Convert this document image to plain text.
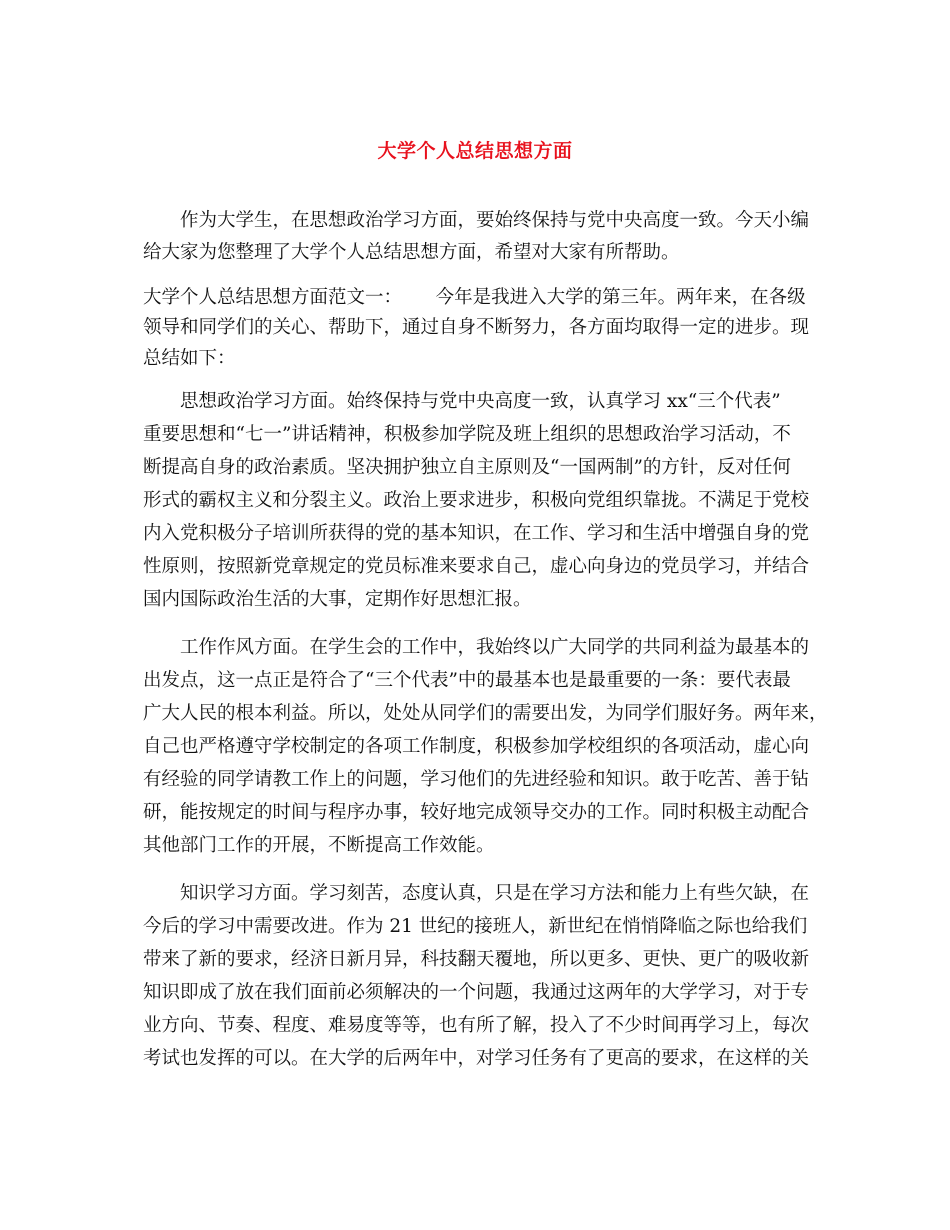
大学个人总结思想方面
作为大学生，在思想政治学习方面，要始终保持与党中央高度一致。今天小编
给大家为您整理了大学个人总结思想方面，希望对大家有所帮助。
大学个人总结思想方面范文一：　　 今年是我进入大学的第三年。两年来，在各级
领导和同学们的关心、帮助下，通过自身不断努力，各方面均取得一定的进步。现
总结如下：
思想政治学习方面。始终保持与党中央高度一致，认真学习 xx“三个代表”
重要思想和“七一”讲话精神，积极参加学院及班上组织的思想政治学习活动，不
断提高自身的政治素质。坚决拥护独立自主原则及“一国两制”的方针，反对任何
形式的霸权主义和分裂主义。政治上要求进步，积极向党组织靠拢。不满足于党校
内入党积极分子培训所获得的党的基本知识，在工作、学习和生活中增强自身的党
性原则，按照新党章规定的党员标准来要求自己，虚心向身边的党员学习，并结合
国内国际政治生活的大事，定期作好思想汇报。
工作作风方面。在学生会的工作中，我始终以广大同学的共同利益为最基本的
出发点，这一点正是符合了“三个代表”中的最基本也是最重要的一条：要代表最
广大人民的根本利益。所以，处处从同学们的需要出发，为同学们服好务。两年来，
自己也严格遵守学校制定的各项工作制度，积极参加学校组织的各项活动，虚心向
有经验的同学请教工作上的问题，学习他们的先进经验和知识。敢于吃苦、善于钻
研，能按规定的时间与程序办事，较好地完成领导交办的工作。同时积极主动配合
其他部门工作的开展，不断提高工作效能。
知识学习方面。学习刻苦，态度认真，只是在学习方法和能力上有些欠缺，在
今后的学习中需要改进。作为 21 世纪的接班人，新世纪在悄悄降临之际也给我们
带来了新的要求，经济日新月异，科技翻天覆地，所以更多、更快、更广的吸收新
知识即成了放在我们面前必须解决的一个问题，我通过这两年的大学学习，对于专
业方向、节奏、程度、难易度等等，也有所了解，投入了不少时间再学习上，每次
考试也发挥的可以。在大学的后两年中，对学习任务有了更高的要求，在这样的关
